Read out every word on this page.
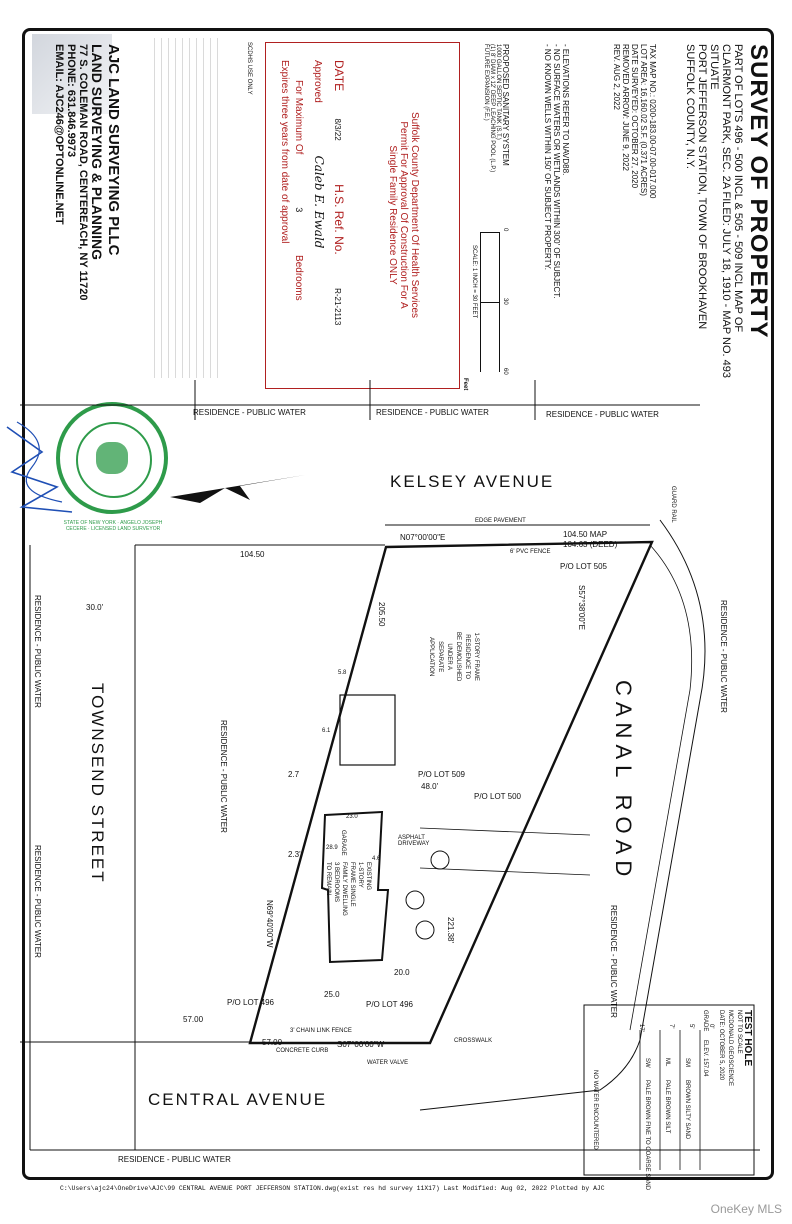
SURVEY OF PROPERTY
PART OF LOTS 496 - 500 INCL & 505 - 509 INCL MAP OF
CLAIRMONT PARK, SEC. 2A FILED: JULY 18, 1910 - MAP NO. 493
SITUATE
PORT JEFFERSON STATION, TOWN OF BROOKHAVEN
SUFFOLK COUNTY, N.Y.
TAX MAP NO.: 0200-183.00-07.00-017.000
LOT AREA: 16,160.02 S.F. (0.371 ACRES)
DATE SURVEYED: OCTOBER 27, 2020
REMOVED ARROW: JUNE 9, 2022
REV. AUG 2, 2022
- ELEVATIONS REFER TO NAVD88.
- NO SURFACE WATERS OR WETLANDS WITHIN 300' OF SUBJECT.
- NO KNOWN WELLS WITHIN 150' OF SUBJECT PROPERTY.
PROPOSED SANITARY SYSTEM
1000 GALLON SEPTIC TANK (S.T.)
(1) 8' DIAM x 12' DEEP LEACHING POOL (L.P.)
FUTURE EXPANSION (F.E.)
0
30
60
SCALE: 1 INCH = 30 FEET
Feet
Suffolk County Department Of Health Services
Permit For Approval Of Construction For A
Single Family Residence ONLY
DATE 8/3/22 H.S. Ref. No. R-21-2113
Approved Caleb E. Ewald
For Maximum Of 3 Bedrooms
Expires three years from date of approval
SCDHS USE ONLY
AJC LAND SURVEYING PLLC
LAND SURVEYING & PLANNING
77 S. COLEMAN ROAD, CENTEREACH, NY 11720
PHONE: 631.846.9973
EMAIL: AJC246@OPTONLINE.NET
STATE OF NEW YORK · ANGELO JOSEPH CECERE · LICENSED LAND SURVEYOR
RESIDENCE - PUBLIC WATER	RESIDENCE - PUBLIC WATER	RESIDENCE - PUBLIC WATER
RESIDENCE - PUBLIC WATER
RESIDENCE - PUBLIC WATER
RESIDENCE - PUBLIC WATER
RESIDENCE - PUBLIC WATER
RESIDENCE - PUBLIC WATER
RESIDENCE - PUBLIC WATER
KELSEY AVENUE
CANAL ROAD
TOWNSEND STREET
CENTRAL AVENUE
N07°00'00"E	104.50 MAP
104.63 (DEED)
6' PVC FENCE
EDGE PAVEMENT
S57°38'00"E
221.38'
N69°40'00"W
S07°00'00"W
205.50
104.50
57.00
57.00
30.0'
3' CHAIN LINK FENCE
CONCRETE CURB
CROSSWALK
WATER VALVE
GUARD RAIL
P/O LOT 505
P/O LOT 509
P/O LOT 500
P/O LOT 496	P/O LOT 496
1-STORY FRAME
RESIDENCE TO
BE DEMOLISHED
UNDER A
SEPARATE
APPLICATION
ASPHALT DRIVEWAY
GARAGE
EXISTING
1-STORY
FRAME SINGLE
FAMILY DWELLING
3 BEDROOMS
TO REMAIN
23.0
28.9
4.6
25.0
20.0
48.0'
5.8
6.1
2.7
2.3'
TEST HOLE
NOT TO SCALE
MCDONALD GEOSCIENCE
DATE: OCTOBER 5, 2020
GRADE
ELEV. 157.04
SM
BROWN SILTY SAND
ML
PALE BROWN SILT
SW
PALE BROWN FINE TO COARSE SAND
0'
5'
7'
17'
NO WATER ENCOUNTERED
C:\Users\ajc24\OneDrive\AJC\99 CENTRAL AVENUE PORT JEFFERSON STATION.dwg(exist res hd survey 11X17) Last Modified: Aug 02, 2022 Plotted by AJC
OneKey MLS
